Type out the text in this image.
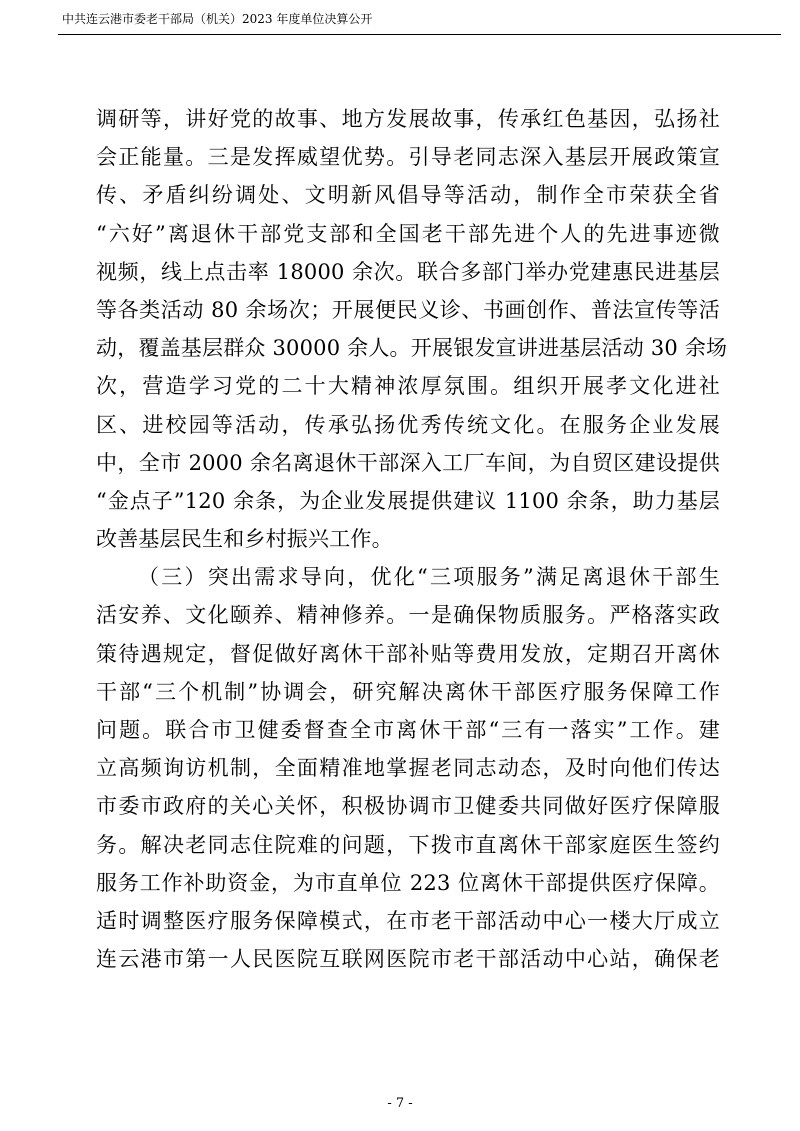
中共连云港市委老干部局（机关）2023 年度单位决算公开
调研等，讲好党的故事、地方发展故事，传承红色基因，弘扬社
会正能量。三是发挥威望优势。引导老同志深入基层开展政策宣
传、矛盾纠纷调处、文明新风倡导等活动，制作全市荣获全省
“六好”离退休干部党支部和全国老干部先进个人的先进事迹微
视频，线上点击率 18000 余次。联合多部门举办党建惠民进基层
等各类活动 80 余场次；开展便民义诊、书画创作、普法宣传等活
动，覆盖基层群众 30000 余人。开展银发宣讲进基层活动 30 余场
次，营造学习党的二十大精神浓厚氛围。组织开展孝文化进社
区、进校园等活动，传承弘扬优秀传统文化。在服务企业发展
中，全市 2000 余名离退休干部深入工厂车间，为自贸区建设提供
“金点子”120 余条，为企业发展提供建议 1100 余条，助力基层
改善基层民生和乡村振兴工作。
（三）突出需求导向，优化“三项服务”满足离退休干部生
活安养、文化颐养、精神修养。一是确保物质服务。严格落实政
策待遇规定，督促做好离休干部补贴等费用发放，定期召开离休
干部“三个机制”协调会，研究解决离休干部医疗服务保障工作
问题。联合市卫健委督查全市离休干部“三有一落实”工作。建
立高频询访机制，全面精准地掌握老同志动态，及时向他们传达
市委市政府的关心关怀，积极协调市卫健委共同做好医疗保障服
务。解决老同志住院难的问题，下拨市直离休干部家庭医生签约
服务工作补助资金，为市直单位 223 位离休干部提供医疗保障。
适时调整医疗服务保障模式，在市老干部活动中心一楼大厅成立
连云港市第一人民医院互联网医院市老干部活动中心站，确保老
- 7 -
